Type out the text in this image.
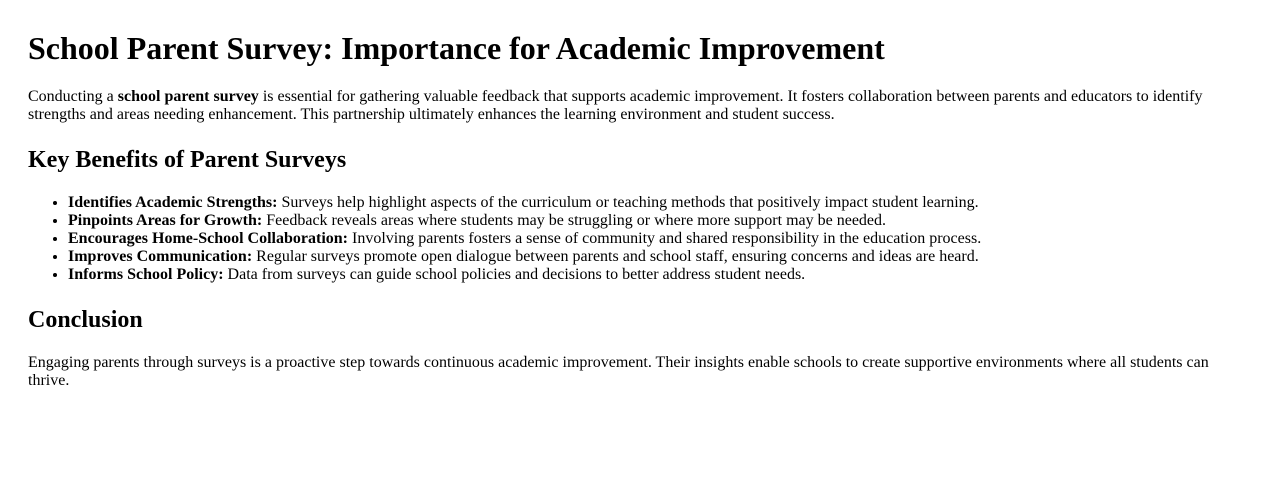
School Parent Survey: Importance for Academic Improvement

Conducting a school parent survey is essential for gathering valuable feedback that supports academic improvement. It fosters collaboration between parents and educators to identify strengths and areas needing enhancement. This partnership ultimately enhances the learning environment and student success.

Key Benefits of Parent Surveys
• Identifies Academic Strengths: Surveys help highlight aspects of the curriculum or teaching methods that positively impact student learning.
• Pinpoints Areas for Growth: Feedback reveals areas where students may be struggling or where more support may be needed.
• Encourages Home-School Collaboration: Involving parents fosters a sense of community and shared responsibility in the education process.
• Improves Communication: Regular surveys promote open dialogue between parents and school staff, ensuring concerns and ideas are heard.
• Informs School Policy: Data from surveys can guide school policies and decisions to better address student needs.
Conclusion

Engaging parents through surveys is a proactive step towards continuous academic improvement. Their insights enable schools to create supportive environments where all students can thrive.
